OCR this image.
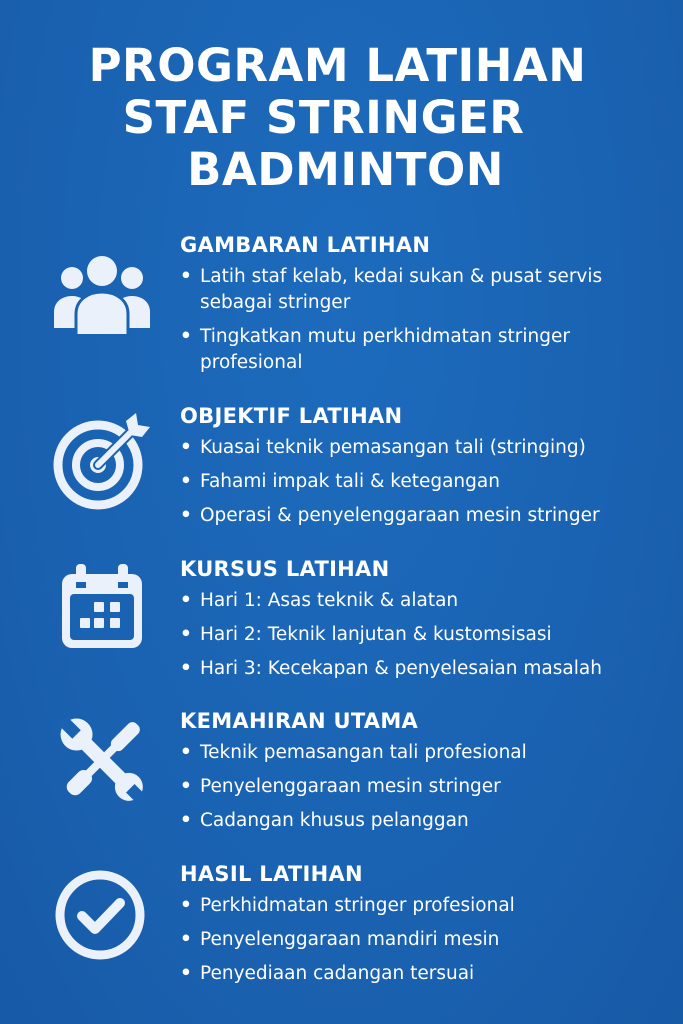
PROGRAM LATIHAN
STAF STRINGER
BADMINTON
GAMBARAN LATIHAN
• Latih staf kelab, kedai sukan & pusat servis sebagai stringer
• Tingkatkan mutu perkhidmatan stringer profesional
OBJEKTIF LATIHAN
• Kuasai teknik pemasangan tali (stringing)
• Fahami impak tali & ketegangan
• Operasi & penyelenggaraan mesin stringer
KURSUS LATIHAN
• Hari 1: Asas teknik & alatan
• Hari 2: Teknik lanjutan & kustomsisasi
• Hari 3: Kecekapan & penyelesaian masalah
KEMAHIRAN UTAMA
• Teknik pemasangan tali profesional
• Penyelenggaraan mesin stringer
• Cadangan khusus pelanggan
HASIL LATIHAN
• Perkhidmatan stringer profesional
• Penyelenggaraan mandiri mesin
• Penyediaan cadangan tersuai
